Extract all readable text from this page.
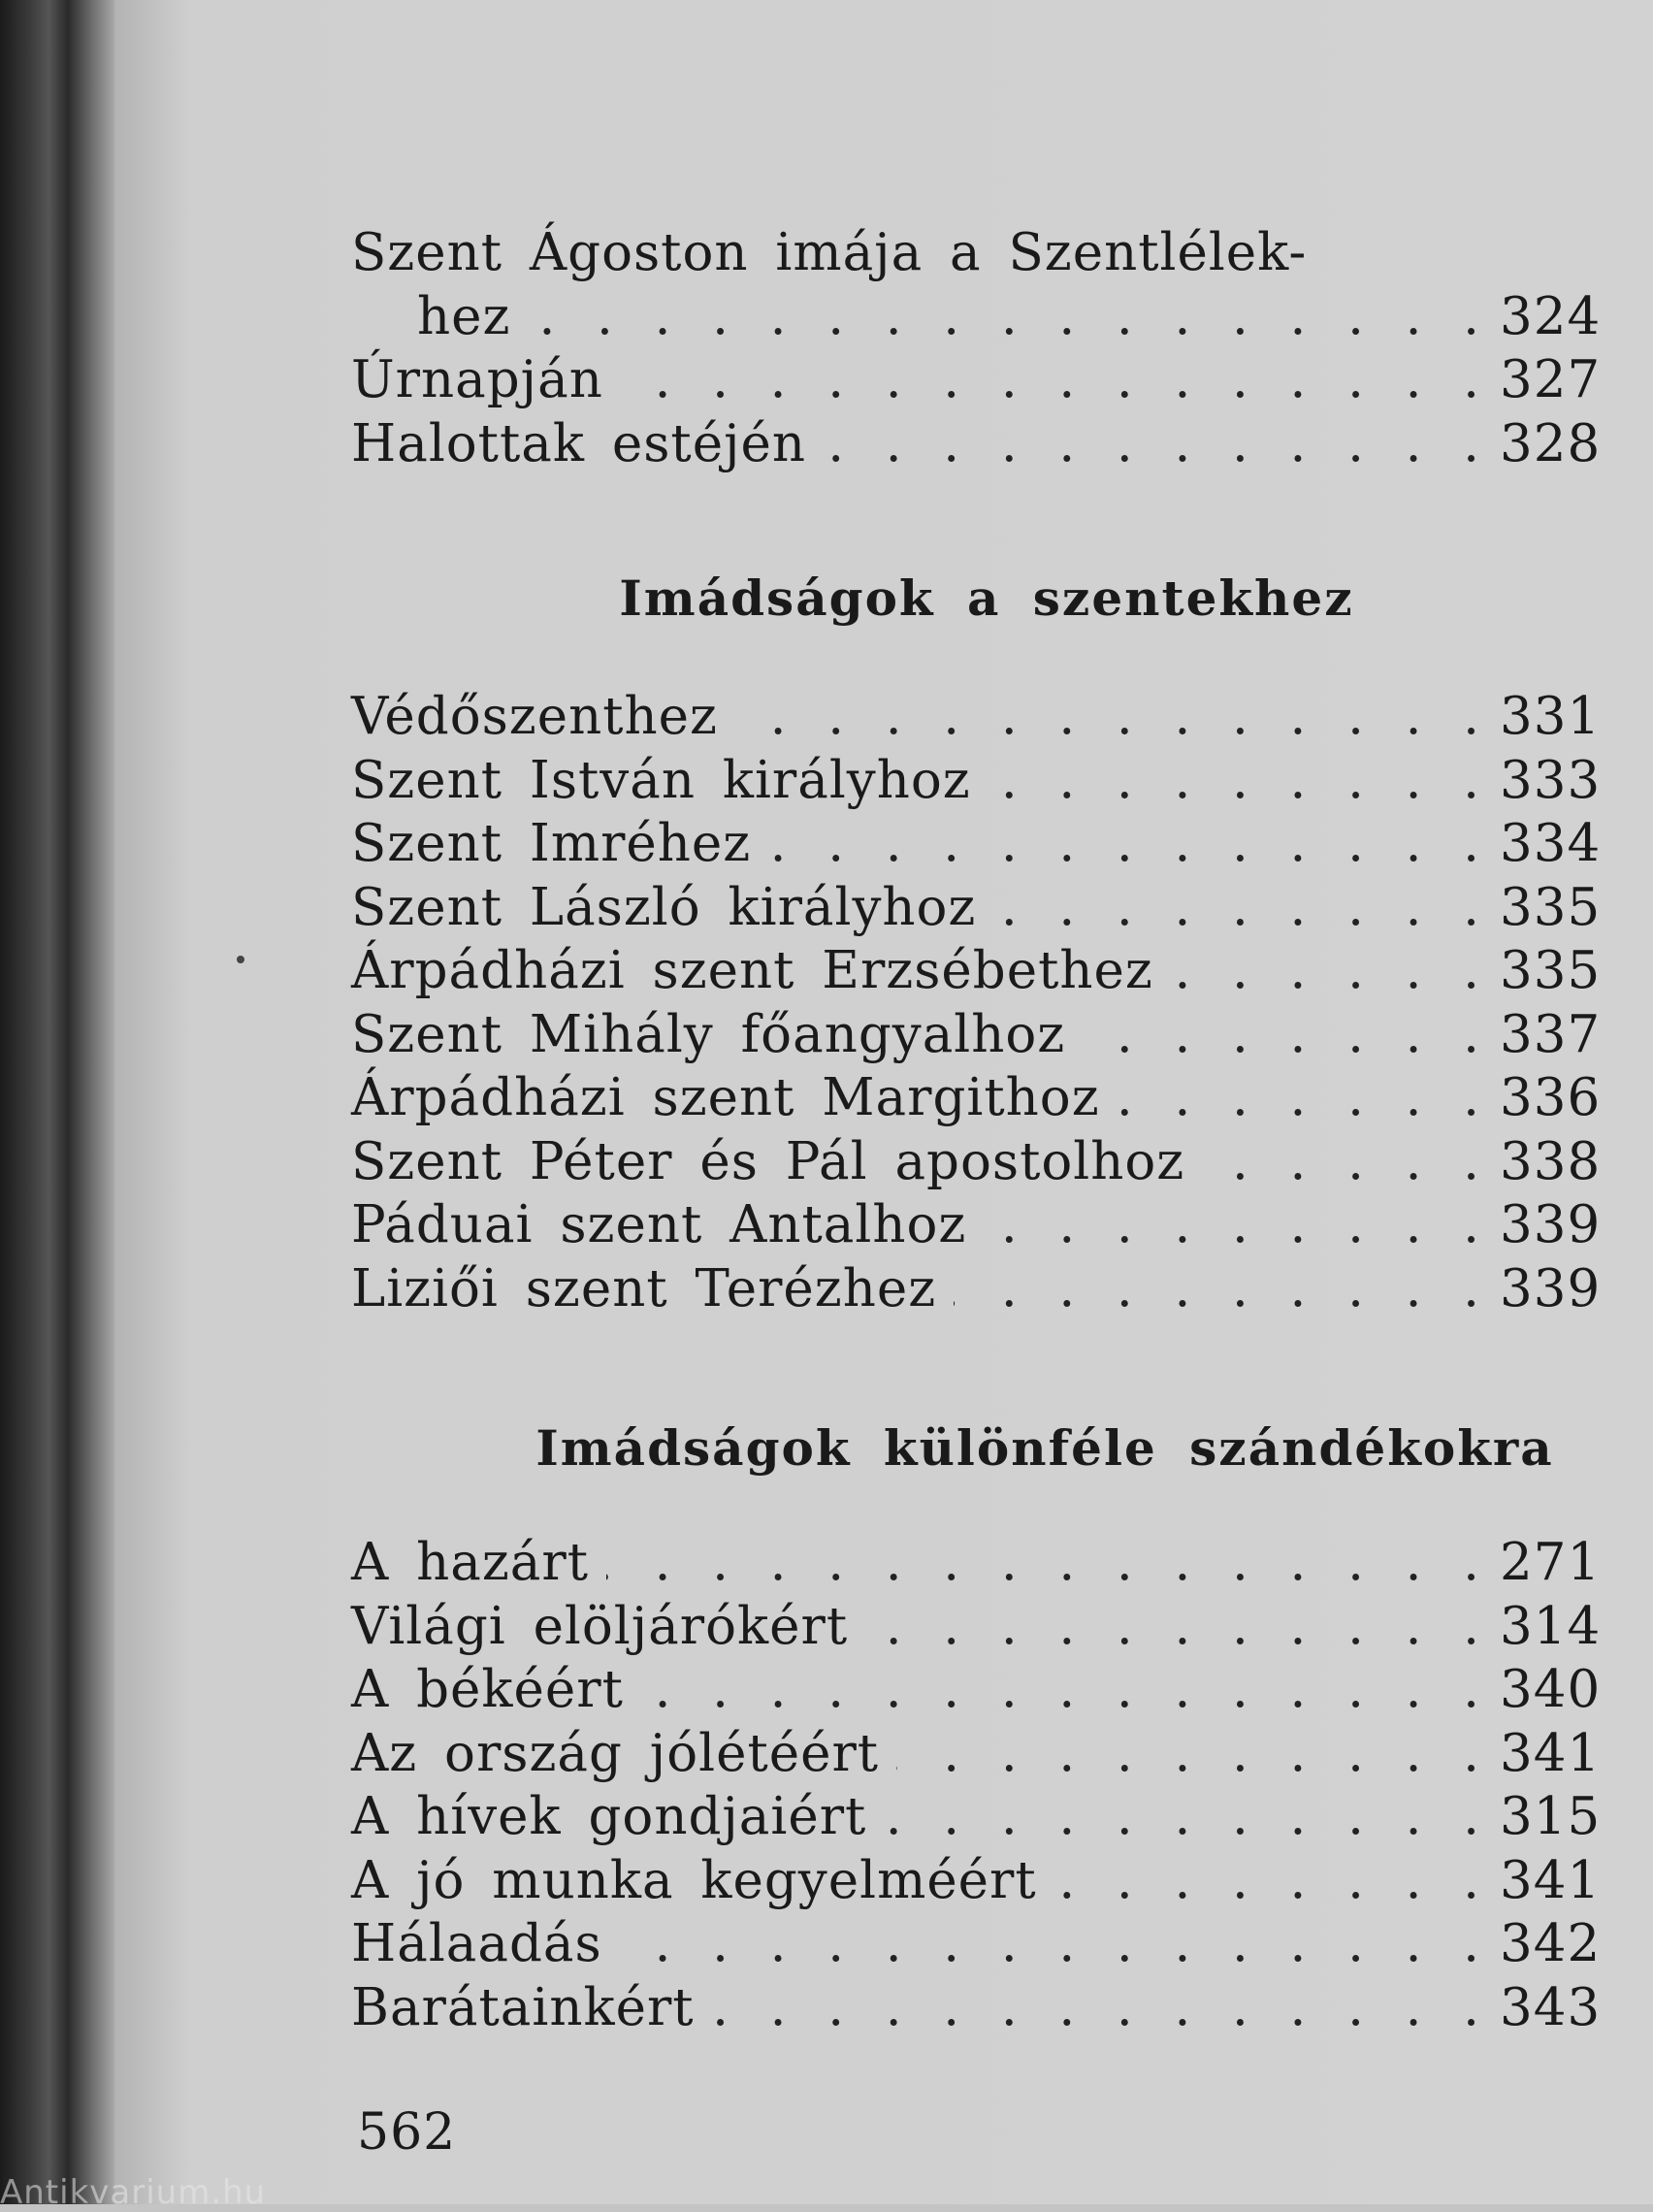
Szent Ágoston imája a Szentlélek-
hez . .	324
Úrnapján . .	327
Halottak estéjén . .	328
Imádságok a szentekhez
Védőszenthez . .	331
Szent István királyhoz . .	333
Szent Imréhez . .	334
Szent László királyhoz . .	335
Árpádházi szent Erzsébethez . .	335
Szent Mihály főangyalhoz . .	337
Árpádházi szent Margithoz . .	336
Szent Péter és Pál apostolhoz . .	338
Páduai szent Antalhoz . .	339
Liziői szent Terézhez . .	339
Imádságok különféle szándékokra
A hazárt . .	271
Világi elöljárókért . .	314
A békéért . .	340
Az ország jólétéért . .	341
A hívek gondjaiért . .	315
A jó munka kegyelméért . .	341
Hálaadás . .	342
Barátainkért . .	343
562
Antikvarium.hu
